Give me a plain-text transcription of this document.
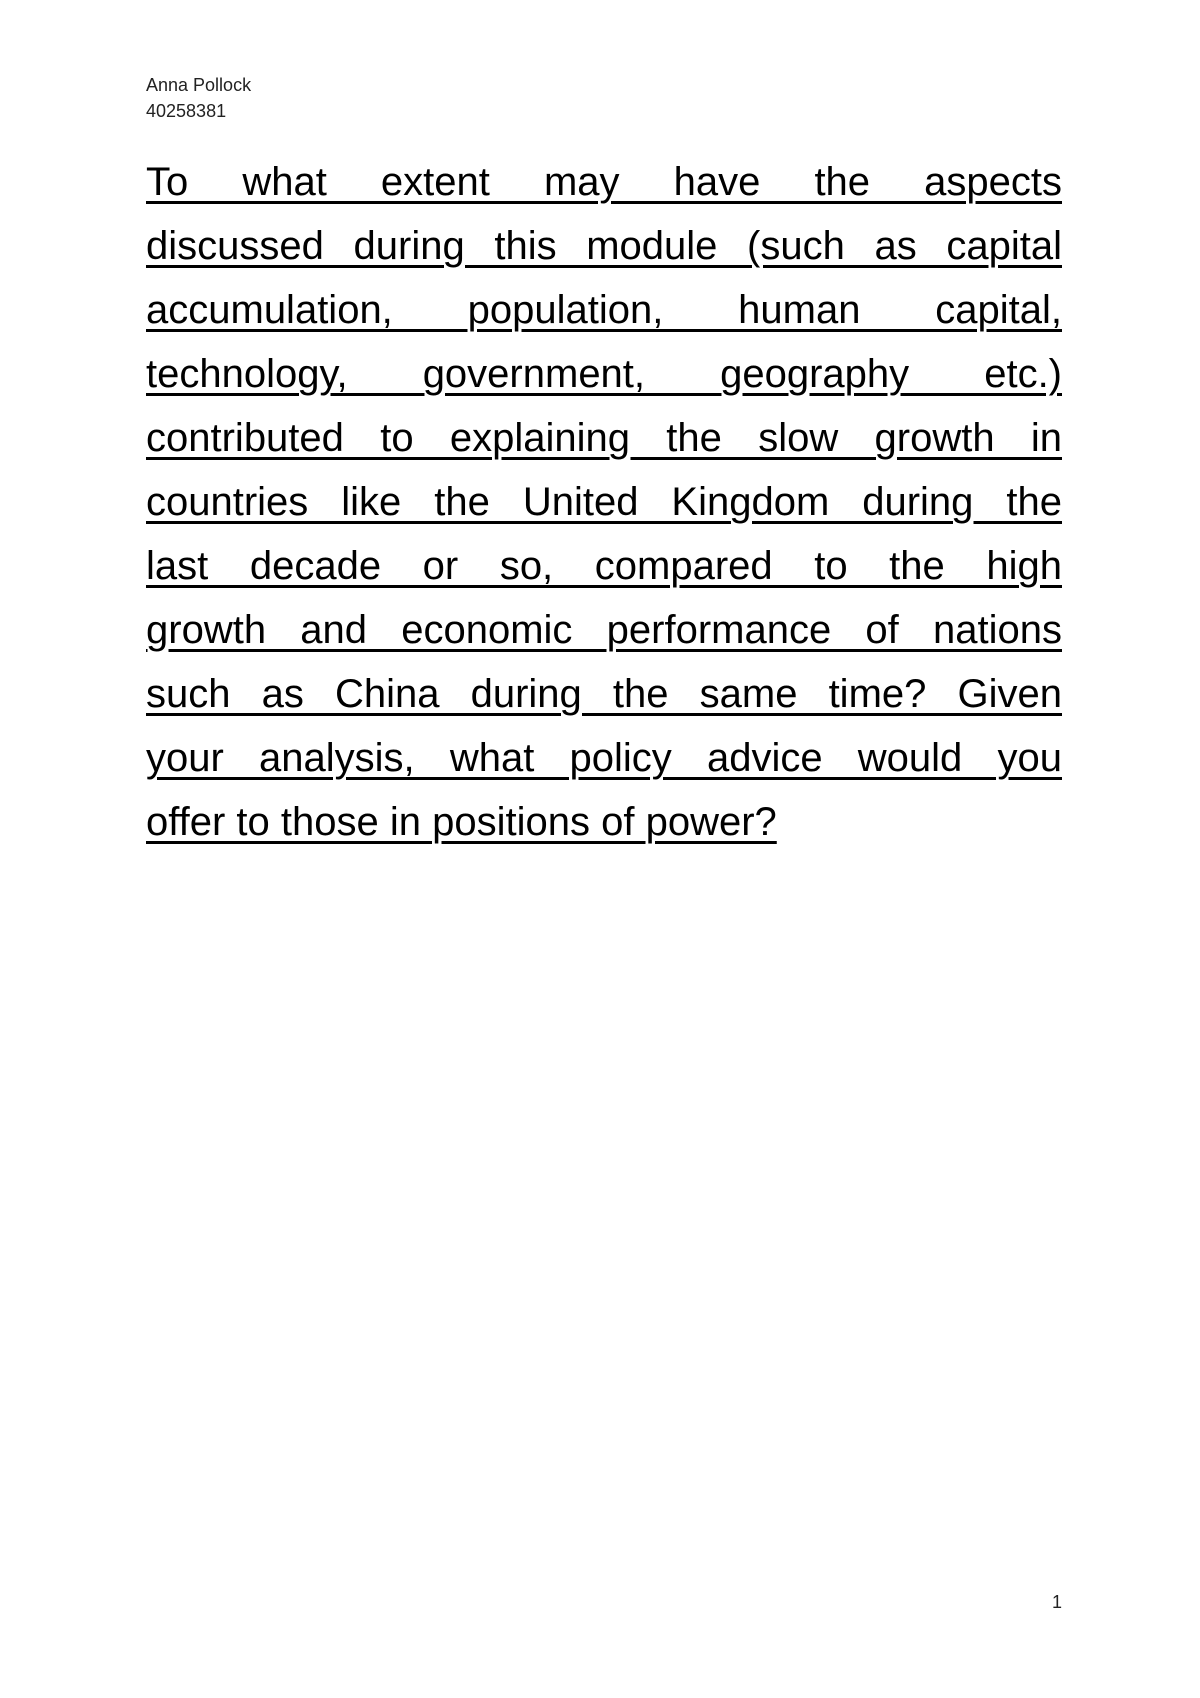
Anna Pollock
40258381
To what extent may have the aspects
discussed during this module (such as capital
accumulation, population, human capital,
technology, government, geography etc.)
contributed to explaining the slow growth in
countries like the United Kingdom during the
last decade or so, compared to the high
growth and economic performance of nations
such as China during the same time? Given
your analysis, what policy advice would you
offer to those in positions of power?
1
